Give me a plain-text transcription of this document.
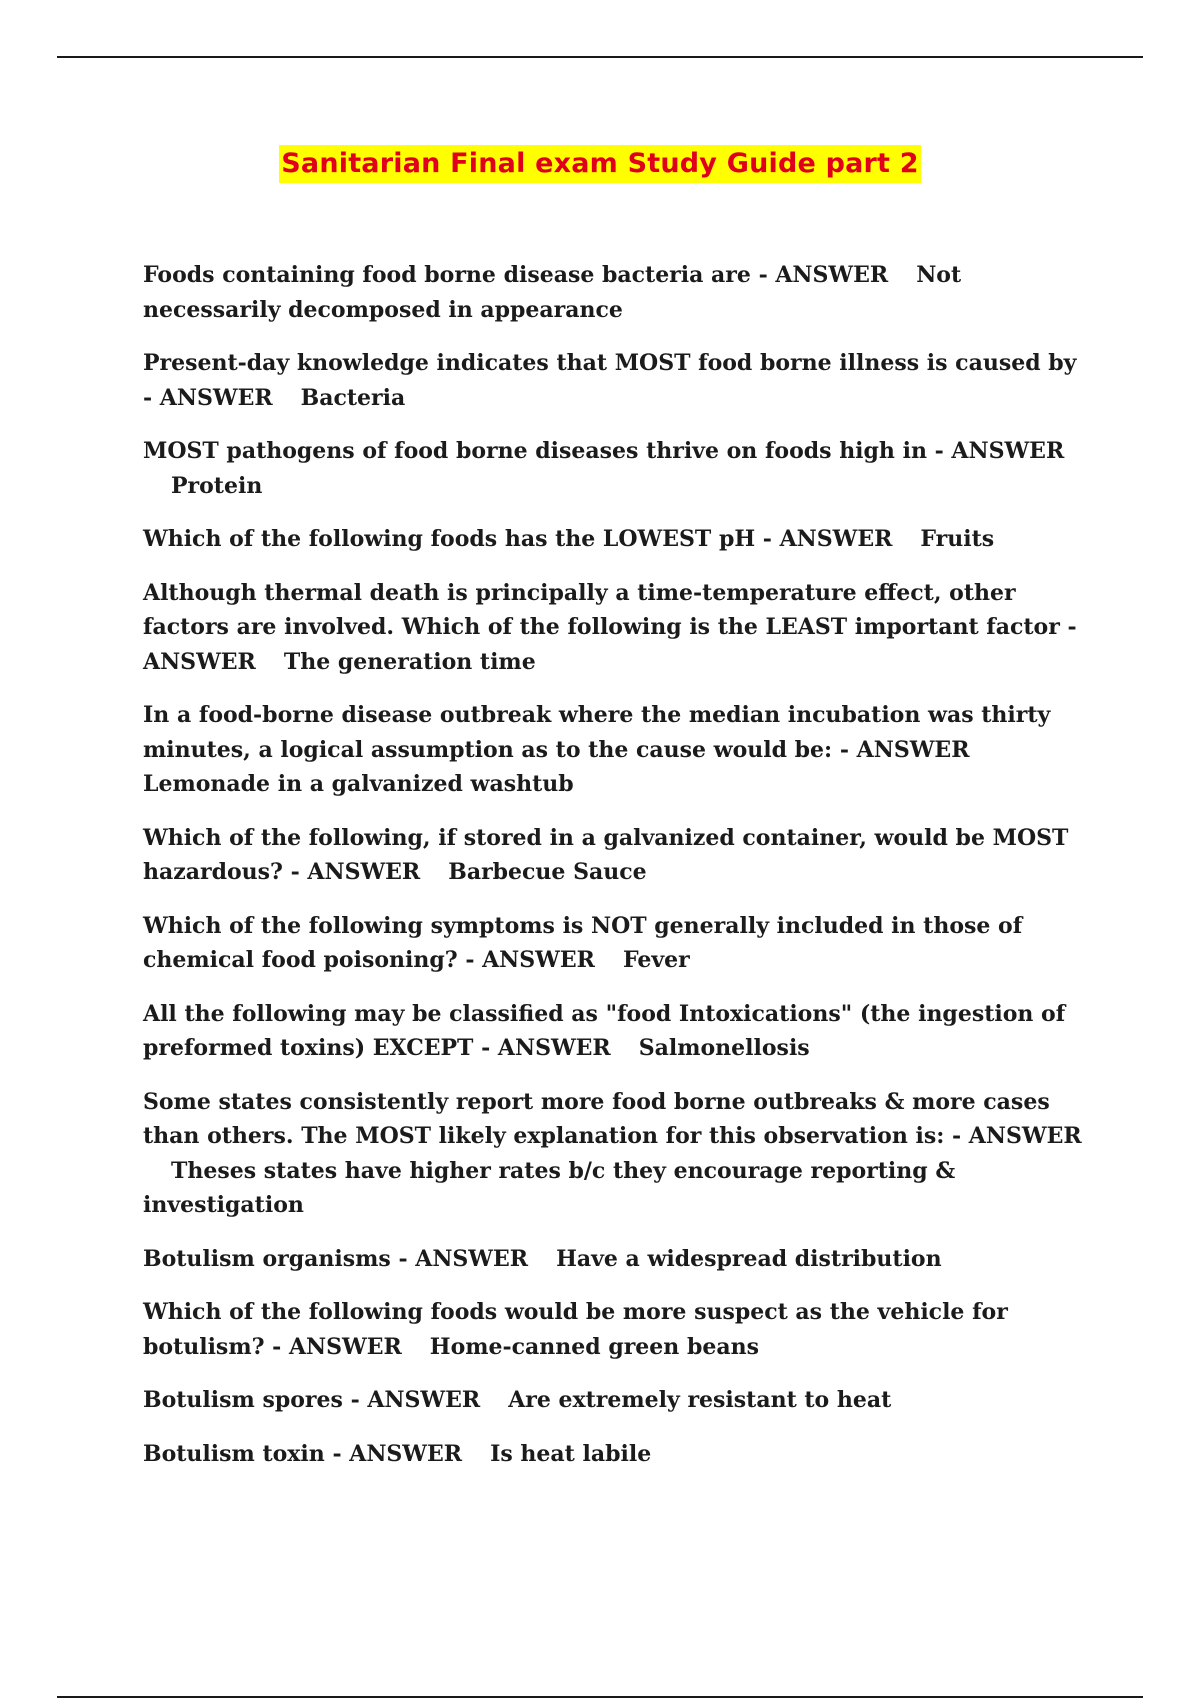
Sanitarian Final exam Study Guide part 2

Foods containing food borne disease bacteria are - ANSWER Not necessarily decomposed in appearance

Present-day knowledge indicates that MOST food borne illness is caused by - ANSWER Bacteria

MOST pathogens of food borne diseases thrive on foods high in - ANSWERProtein

Which of the following foods has the LOWEST pH - ANSWER Fruits

Although thermal death is principally a time-temperature effect, other factors are involved. Which of the following is the LEAST important factor - ANSWER The generation time

In a food-borne disease outbreak where the median incubation was thirty minutes, a logical assumption as to the cause would be: - ANSWERLemonade in a galvanized washtub

Which of the following, if stored in a galvanized container, would be MOST hazardous? - ANSWER Barbecue Sauce

Which of the following symptoms is NOT generally included in those of chemical food poisoning? - ANSWER Fever

All the following may be classified as "food Intoxications" (the ingestion of preformed toxins) EXCEPT - ANSWER Salmonellosis

Some states consistently report more food borne outbreaks & more cases than others. The MOST likely explanation for this observation is: - ANSWERTheses states have higher rates b/c they encourage reporting & investigation

Botulism organisms - ANSWER Have a widespread distribution

Which of the following foods would be more suspect as the vehicle for botulism? - ANSWER Home-canned green beans

Botulism spores - ANSWER Are extremely resistant to heat

Botulism toxin - ANSWER Is heat labile
